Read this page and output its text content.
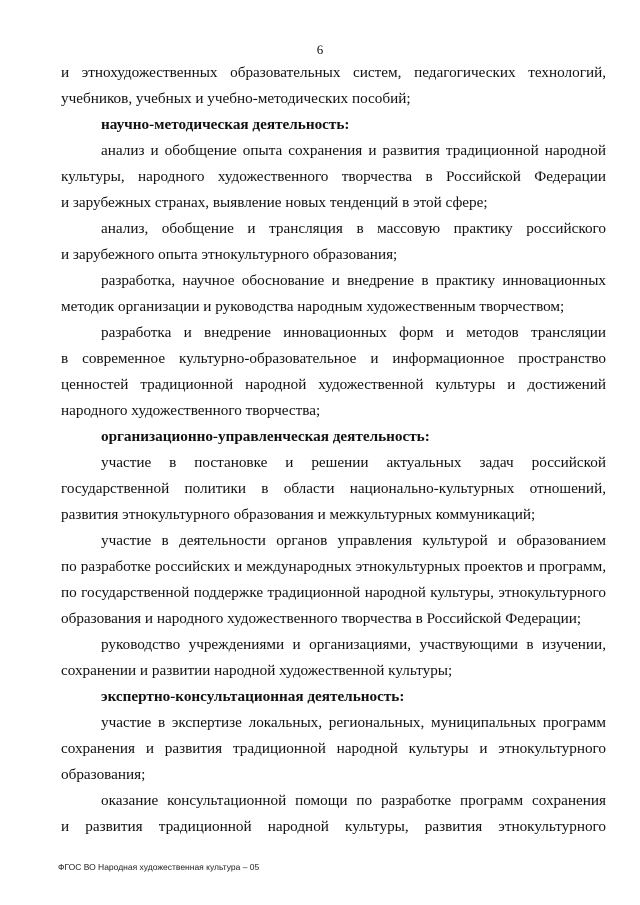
6
и этнохудожественных образовательных систем, педагогических технологий,
учебников, учебных и учебно-методических пособий;
научно-методическая деятельность:
анализ и обобщение опыта сохранения и развития традиционной народной
культуры, народного художественного творчества в Российской Федерации
и зарубежных странах, выявление новых тенденций в этой сфере;
анализ, обобщение и трансляция в массовую практику российского
и зарубежного опыта этнокультурного образования;
разработка, научное обоснование и внедрение в практику инновационных
методик организации и руководства народным художественным творчеством;
разработка и внедрение инновационных форм и методов трансляции
в современное культурно-образовательное и информационное пространство
ценностей традиционной народной художественной культуры и достижений
народного художественного творчества;
организационно-управленческая деятельность:
участие в постановке и решении актуальных задач российской
государственной политики в области национально-культурных отношений,
развития этнокультурного образования и межкультурных коммуникаций;
участие в деятельности органов управления культурой и образованием
по разработке российских и международных этнокультурных проектов и программ,
по государственной поддержке традиционной народной культуры, этнокультурного
образования и народного художественного творчества в Российской Федерации;
руководство учреждениями и организациями, участвующими в изучении,
сохранении и развитии народной художественной культуры;
экспертно-консультационная деятельность:
участие в экспертизе локальных, региональных, муниципальных программ
сохранения и развития традиционной народной культуры и этнокультурного
образования;
оказание консультационной помощи по разработке программ сохранения
и развития традиционной народной культуры, развития этнокультурного
ФГОС ВО Народная художественная культура – 05
